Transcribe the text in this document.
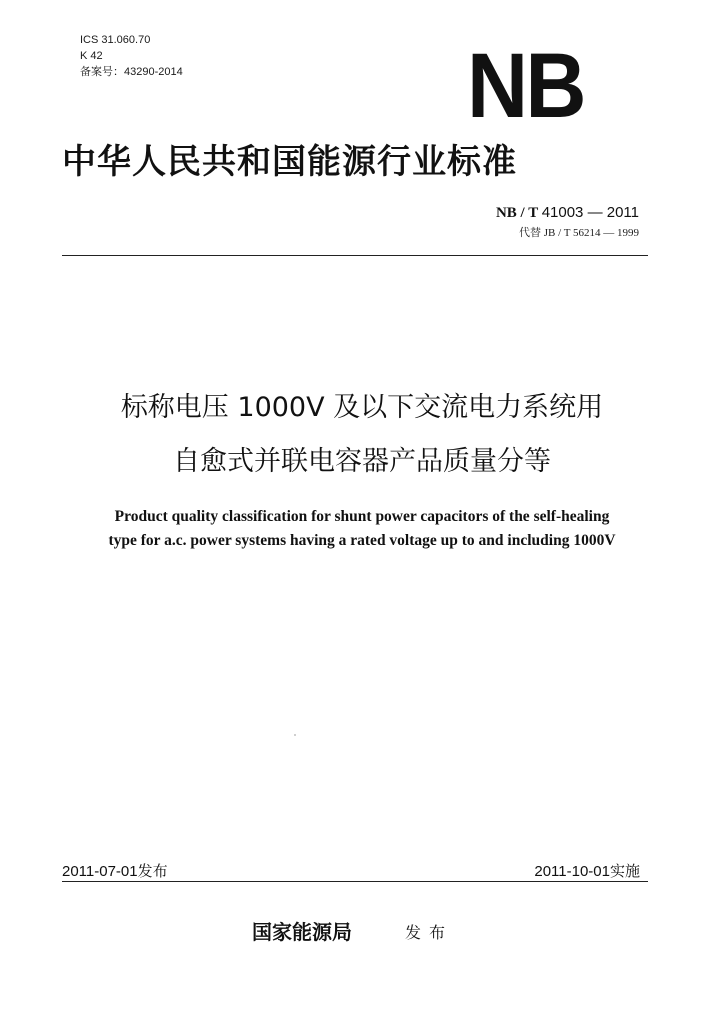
ICS 31.060.70
K 42
备案号：43290-2014	NB
中华人民共和国能源行业标准
NB / T 41003 — 2011
代替 JB / T 56214 — 1999
标称电压 1000V 及以下交流电力系统用
自愈式并联电容器产品质量分等
Product quality classification for shunt power capacitors of the self-healing
type for a.c. power systems having a rated voltage up to and including 1000V
2011-07-01发布	2011-10-01实施
国家能源局	发布
